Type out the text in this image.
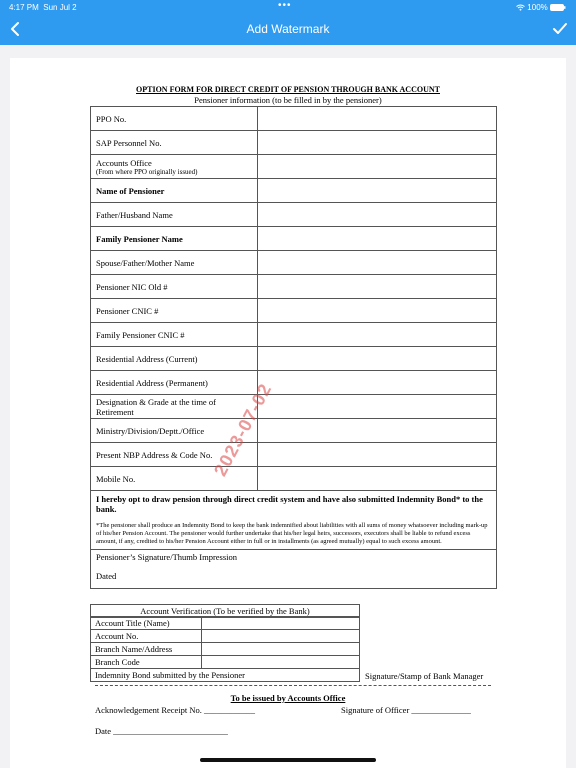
4:17 PM Sun Jul 2	•••	100%
Add Watermark
OPTION FORM FOR DIRECT CREDIT OF PENSION THROUGH BANK ACCOUNT
Pensioner information (to be filled in by the pensioner)
PPO No.	
SAP Personnel No.	
Accounts Office
(From where PPO originally issued)	

Name of Pensioner	
Father/Husband Name	
Family Pensioner Name	
Spouse/Father/Mother Name	
Pensioner NIC Old #	
Pensioner CNIC #	
Family Pensioner CNIC #	
Residential Address (Current)	
Residential Address (Permanent)	
Designation & Grade at the time of Retirement	
Ministry/Division/Deptt./Office	
Present NBP Address & Code No.	
Mobile No.	

I hereby opt to draw pension through direct credit system and have also submitted Indemnity Bond* to the bank.
*The pensioner shall produce an Indemnity Bond to keep the bank indemnified about liabilities with all sums of money whatsoever including mark-up of his/her Pension Account. The pensioner would further undertake that his/her legal heirs, successors, executors shall be liable to refund excess amount, if any, credited to his/her Pension Account either in full or in installments (as agreed mutually) equal to such excess amount.	

Pensioner’s Signature/Thumb Impression
Dated	
Account Verification (To be verified by the Bank)
Account Title (Name)	
Account No.	
Branch Name/Address	
Branch Code	
Indemnity Bond submitted by the Pensioner		Signature/Stamp of Bank Manager
To be issued by Accounts Office
Acknowledgement Receipt No. ____________	Signature of Officer ______________
Date ___________________________
2023-07-02
